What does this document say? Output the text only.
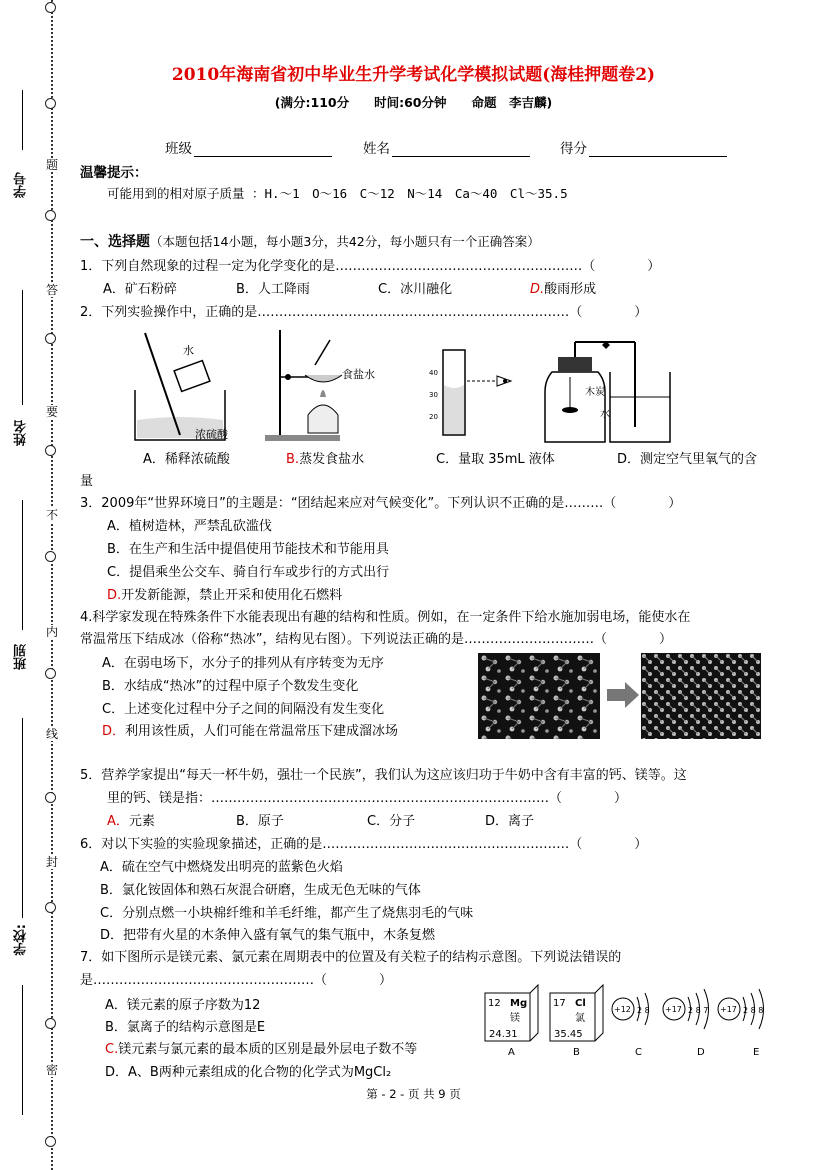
题
答
要
不
内
线
封
密
学号
姓名
班别
学校:
2010年海南省初中毕业生升学考试化学模拟试题(海桂押题卷2)
(满分:110分　　时间:60分钟　　命题　李吉麟)
班级	姓名	得分
温馨提示：
可能用到的相对原子质量 ：H.～1　O～16　C～12　N～14　Ca～40　Cl～35.5
一、选择题（本题包括14小题，每小题3分，共42分，每小题只有一个正确答案）
1．下列自然现象的过程一定为化学变化的是…………………………………………………（　　　　）
A．矿石粉碎	B．人工降雨	C．冰川融化	D.酸雨形成
2．下列实验操作中，正确的是………………………………………………………………（　　　　）
水
浓硫酸
食盐水	40
30
20
木炭
水
A．稀释浓硫酸	B.蒸发食盐水	C．量取 35mL 液体	D．测定空气里氧气的含
量
3．2009年“世界环境日”的主题是：“团结起来应对气候变化”。下列认识不正确的是………（　　　　）
A．植树造林，严禁乱砍滥伐
B．在生产和生活中提倡使用节能技术和节能用具
C．提倡乘坐公交车、骑自行车或步行的方式出行
D.开发新能源，禁止开采和使用化石燃料
4.科学家发现在特殊条件下水能表现出有趣的结构和性质。例如，在一定条件下给水施加弱电场，能使水在
常温常压下结成冰（俗称“热冰”，结构见右图）。下列说法正确的是…………………………（　　　　）
A．在弱电场下，水分子的排列从有序转变为无序
B．水结成“热冰”的过程中原子个数发生变化
C．上述变化过程中分子之间的间隔没有发生变化
D．利用该性质，人们可能在常温常压下建成溜冰场
5．营养学家提出“每天一杯牛奶，强壮一个民族”，我们认为这应该归功于牛奶中含有丰富的钙、镁等。这
里的钙、镁是指：……………………………………………………………………（　　　　）
A．元素	B．原子	C．分子	D．离子
6．对以下实验的实验现象描述，正确的是…………………………………………………（　　　　）
A．硫在空气中燃烧发出明亮的蓝紫色火焰
B．氯化铵固体和熟石灰混合研磨，生成无色无味的气体
C．分别点燃一小块棉纤维和羊毛纤维，都产生了烧焦羽毛的气味
D．把带有火星的木条伸入盛有氧气的集气瓶中，木条复燃
7．如下图所示是镁元素、氯元素在周期表中的位置及有关粒子的结构示意图。下列说法错误的
是……………………………………………（　　　　）
A．镁元素的原子序数为12
B．氯离子的结构示意图是E
C.镁元素与氯元素的最本质的区别是最外层电子数不等
D．A、B两种元素组成的化合物的化学式为MgCl₂
12 Mg
镁
24.31
17 Cl
氯
35.45
+12 2 8 +17 2 8 7 +17 2 8 8
A	B	C	D	E
第 - 2 - 页 共 9 页
